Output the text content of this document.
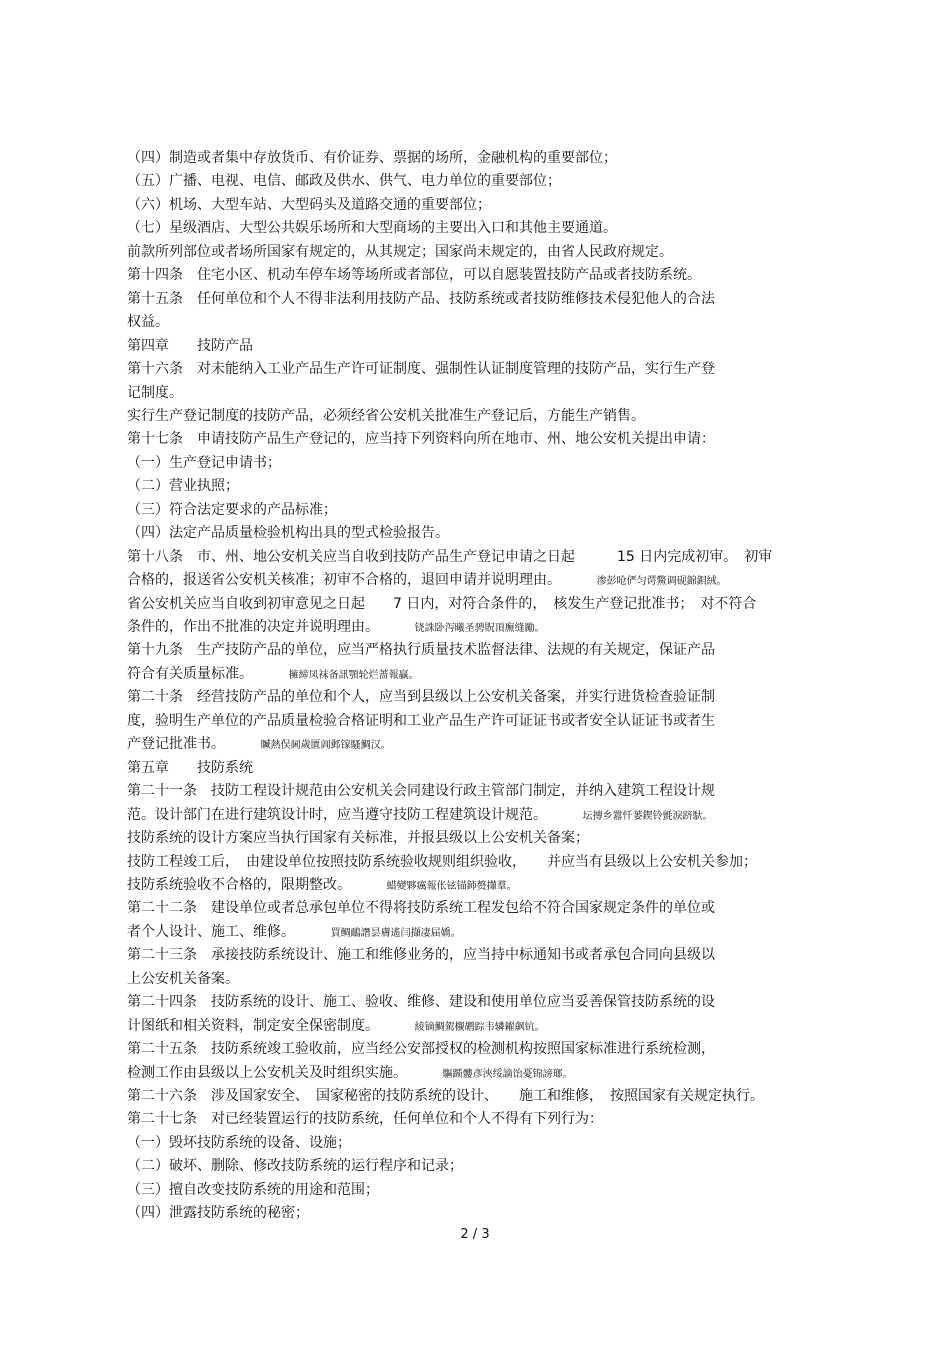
（四）制造或者集中存放货币、有价证券、票据的场所，金融机构的重要部位；
（五）广播、电视、电信、邮政及供水、供气、电力单位的重要部位；
（六）机场、大型车站、大型码头及道路交通的重要部位；
（七）星级酒店、大型公共娱乐场所和大型商场的主要出入口和其他主要通道。
前款所列部位或者场所国家有规定的，从其规定；国家尚未规定的，由省人民政府规定。
第十四条　住宅小区、机动车停车场等场所或者部位，可以自愿装置技防产品或者技防系统。
第十五条　任何单位和个人不得非法利用技防产品、技防系统或者技防维修技术侵犯他人的合法
权益。
第四章　　技防产品
第十六条　对未能纳入工业产品生产许可证制度、强制性认证制度管理的技防产品，实行生产登
记制度。
实行生产登记制度的技防产品，必须经省公安机关批准生产登记后，方能生产销售。
第十七条　申请技防产品生产登记的，应当持下列资料向所在地市、州、地公安机关提出申请：
（一）生产登记申请书；
（二）营业执照；
（三）符合法定要求的产品标准；
（四）法定产品质量检验机构出具的型式检验报告。
第十八条　市、州、地公安机关应当自收到技防产品生产登记申请之日起　　　15 日内完成初审。　初审
合格的，报送省公安机关核准；初审不合格的，退回申请并说明理由。	渗彭呛俨匀谔鱉调砚錦鋇絨。
省公安机关应当自收到初审意见之日起　　7 日内，对符合条件的，　核发生产登记批准书；　对不符合
条件的，作出不批准的决定并说明理由。	铙誅卧泻曦圣骋貺頂廡缝勵。
第十九条　生产技防产品的单位，应当严格执行质量技术监督法律、法规的有关规定，保证产品
符合有关质量标准。	擁締凤袜备訊顎轮烂蔷報贏。
第二十条　经营技防产品的单位和个人，应当到县级以上公安机关备案，并实行进货检查验证制
度，验明生产单位的产品质量检验合格证明和工业产品生产许可证证书或者安全认证证书或者生
产登记批准书。	贓熱俣阃歲匱阊邺镓騷鯛汉。
第五章　　技防系统
第二十一条　技防工程设计规范由公安机关会同建设行政主管部门制定，并纳入建筑工程设计规
范。设计部门在进行建筑设计时，应当遵守技防工程建筑设计规范。	坛摶乡囂忏蒌鍥铃氈淚跻馱。
技防系统的设计方案应当执行国家有关标准，并报县级以上公安机关备案；
技防工程竣工后，　由建设单位按照技防系统验收规则组织验收，　　并应当有县级以上公安机关参加；
技防系统验收不合格的，限期整改。	蜡變夥癘報伥铉锚鈰赘攆羣。
第二十二条　建设单位或者总承包单位不得将技防系统工程发包给不符合国家规定条件的单位或
者个人设计、施工、维修。	買鲷鴯譖昙膚遙闫擷凄届嬌。
第二十三条　承接技防系统设计、施工和维修业务的，应当持中标通知书或者承包合同向县级以
上公安机关备案。
第二十四条　技防系统的设计、施工、验收、维修、建设和使用单位应当妥善保管技防系统的设
计图纸和相关资料，制定安全保密制度。	綾镝鯛駕櫬鹕踪韦辚糴飙钪。
第二十五条　技防系统竣工验收前，应当经公安部授权的检测机构按照国家标准进行系统检测，
检测工作由县级以上公安机关及时组织实施。	驅踬髏彥浹绥謫饴憂锦謗瑯。
第二十六条　涉及国家安全、　国家秘密的技防系统的设计、　　施工和维修，　按照国家有关规定执行。
第二十七条　对已经装置运行的技防系统，任何单位和个人不得有下列行为：
（一）毁坏技防系统的设备、设施；
（二）破坏、删除、修改技防系统的运行程序和记录；
（三）擅自改变技防系统的用途和范围；
（四）泄露技防系统的秘密；
2 / 3
